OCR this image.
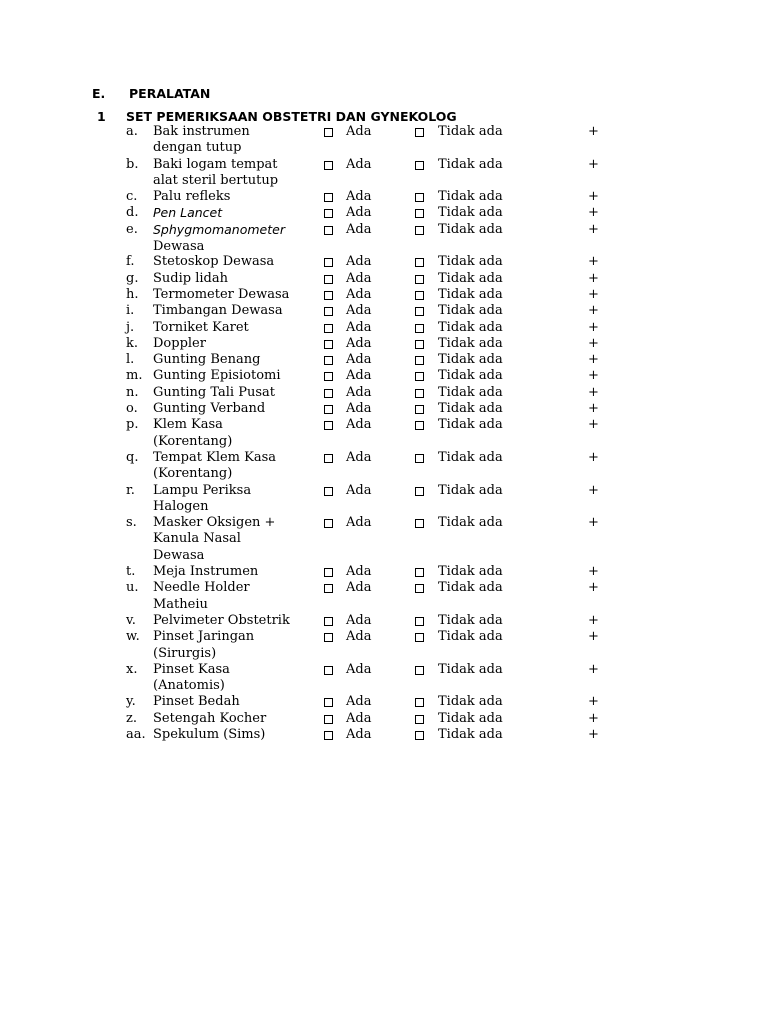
E. PERALATAN
1 SET PEMERIKSAAN OBSTETRI DAN GYNEKOLOG
a. Bak instrumen
dengan tutup
Ada	Tidak ada	+
b. Baki logam tempat
alat steril bertutup
Ada	Tidak ada	+
c. Palu refleks	Ada	Tidak ada	+
d. Pen Lancet	Ada	Tidak ada	+
e. Sphygmomanometer
Dewasa
Ada	Tidak ada	+
f. Stetoskop Dewasa	Ada	Tidak ada	+
g. Sudip lidah	Ada	Tidak ada	+
h. Termometer Dewasa	Ada	Tidak ada	+
i. Timbangan Dewasa	Ada	Tidak ada	+
j. Torniket Karet	Ada	Tidak ada	+
k. Doppler	Ada	Tidak ada	+
l. Gunting Benang	Ada	Tidak ada	+
m. Gunting Episiotomi	Ada	Tidak ada	+
n. Gunting Tali Pusat	Ada	Tidak ada	+
o. Gunting Verband	Ada	Tidak ada	+
p. Klem Kasa
(Korentang)
Ada	Tidak ada	+
q. Tempat Klem Kasa
(Korentang)
Ada	Tidak ada	+
r. Lampu Periksa
Halogen
Ada	Tidak ada	+
s. Masker Oksigen +
Kanula Nasal
Dewasa
Ada	Tidak ada	+
t. Meja Instrumen	Ada	Tidak ada	+
u. Needle Holder
Matheiu
Ada	Tidak ada	+
v. Pelvimeter Obstetrik	Ada	Tidak ada	+
w. Pinset Jaringan
(Sirurgis)
Ada	Tidak ada	+
x. Pinset Kasa
(Anatomis)
Ada	Tidak ada	+
y. Pinset Bedah	Ada	Tidak ada	+
z. Setengah Kocher	Ada	Tidak ada	+
aa. Spekulum (Sims)	Ada	Tidak ada	+
